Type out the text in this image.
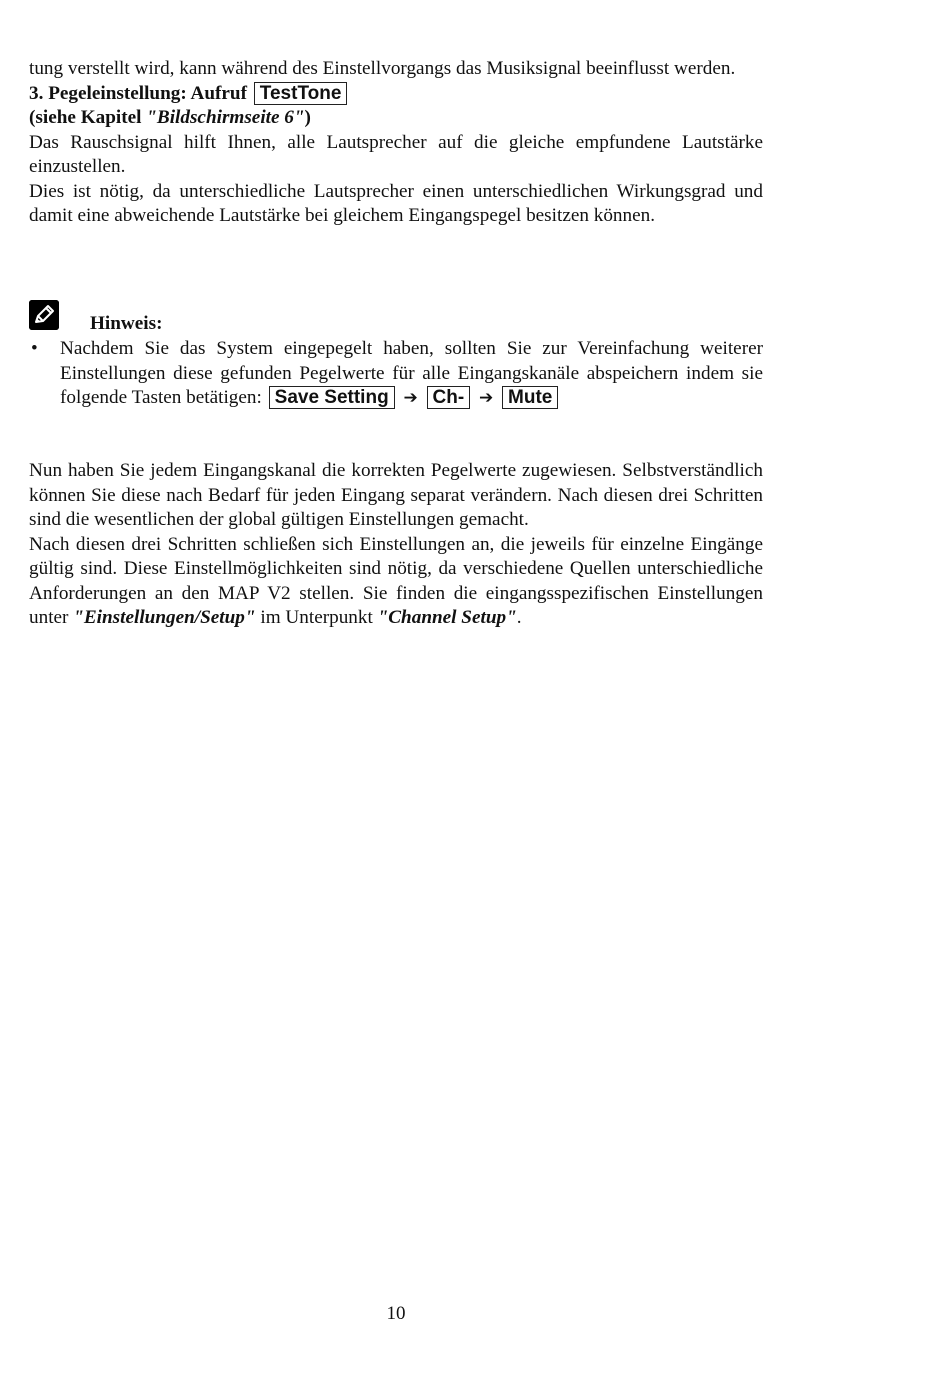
tung verstellt wird, kann während des Einstellvorgangs das Musiksignal beeinflusst werden.

3. Pegeleinstellung: Aufruf TestTone

(siehe Kapitel "Bildschirmseite 6")

Das Rauschsignal hilft Ihnen, alle Lautsprecher auf die gleiche empfundene Lautstärke einzustellen.

Dies ist nötig, da unterschiedliche Lautsprecher einen unterschiedlichen Wirkungsgrad und damit eine abweichende Lautstärke bei gleichem Eingangspegel besitzen können.

Hinweis:
• Nachdem Sie das System eingepegelt haben, sollten Sie zur Vereinfachung weiterer Einstellungen diese gefunden Pegelwerte für alle Eingangskanäle abspeichern indem sie folgende Tasten betätigen: Save Setting ➔ Ch- ➔ Mute

Nun haben Sie jedem Eingangskanal die korrekten Pegelwerte zugewiesen. Selbstverständlich können Sie diese nach Bedarf für jeden Eingang separat verändern. Nach diesen drei Schritten sind die wesentlichen der global gültigen Einstellungen gemacht.

Nach diesen drei Schritten schließen sich Einstellungen an, die jeweils für einzelne Eingänge gültig sind. Diese Einstellmöglichkeiten sind nötig, da verschiedene Quellen unterschiedliche Anforderungen an den MAP V2 stellen. Sie finden die eingangsspezifischen Einstellungen unter "Einstellungen/Setup" im Unterpunkt "Channel Setup".

10
